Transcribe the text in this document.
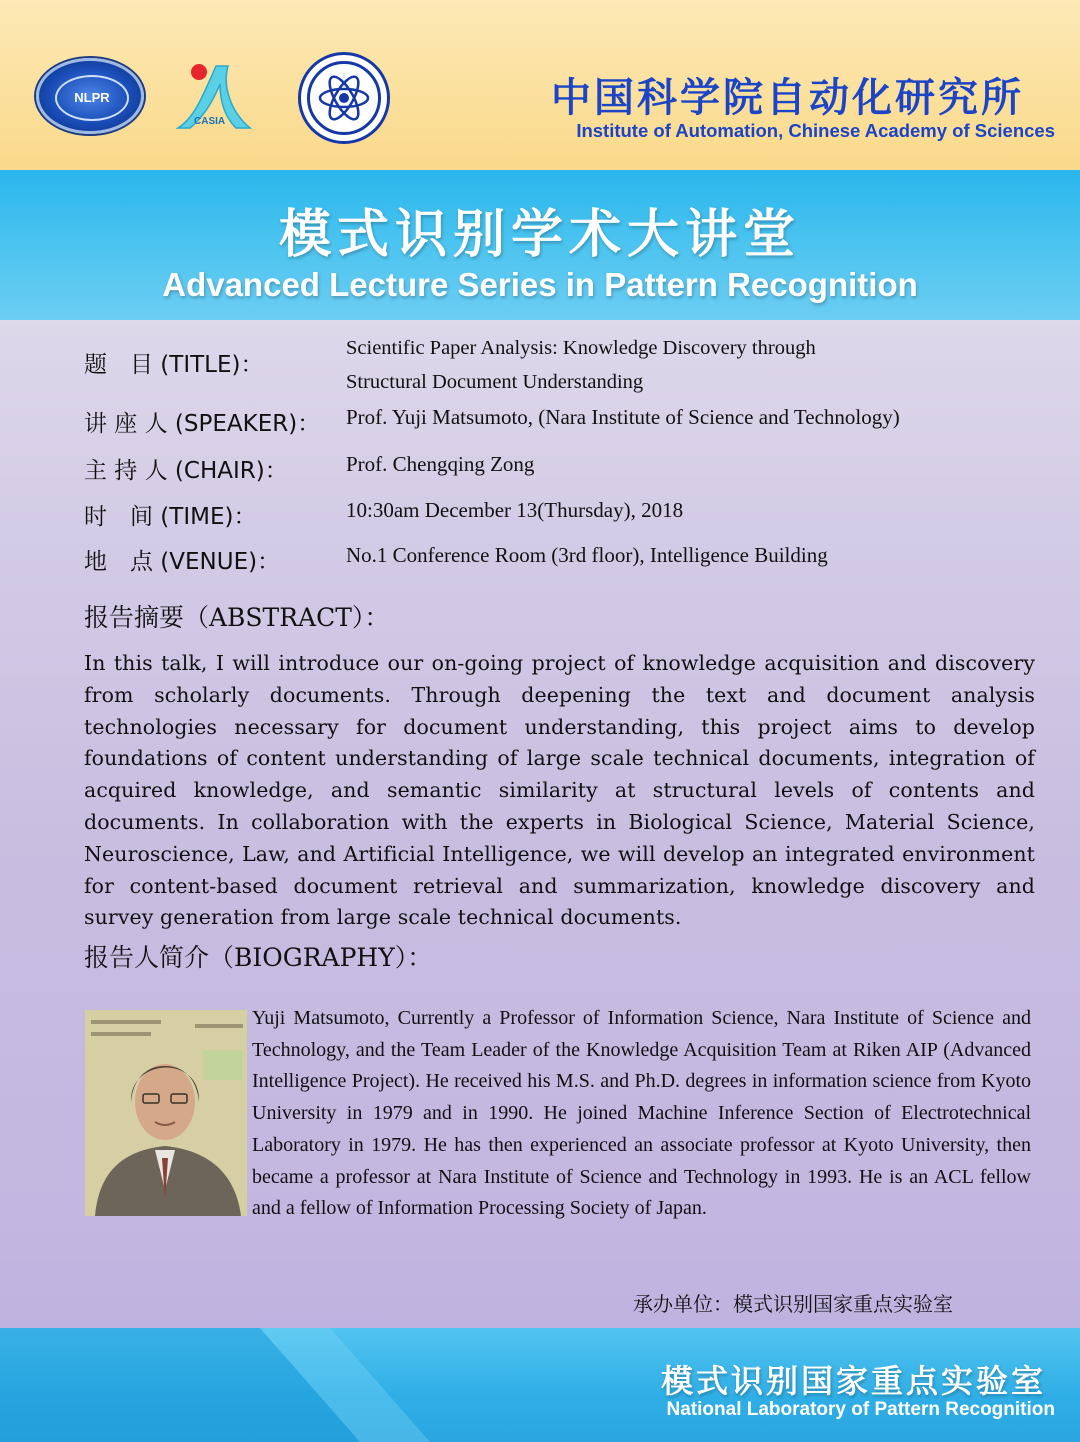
NLPR
CASIA
中国科学院自动化研究所
Institute of Automation, Chinese Academy of Sciences
模式识别学术大讲堂
Advanced Lecture Series in Pattern Recognition
题　目 (TITLE)：
Scientific Paper Analysis: Knowledge Discovery through
Structural Document Understanding
讲 座 人 (SPEAKER)： Prof. Yuji Matsumoto, (Nara Institute of Science and Technology)
主 持 人 (CHAIR)：	Prof. Chengqing Zong
时　间 (TIME)：	10:30am December 13(Thursday), 2018
地　点 (VENUE)：	No.1 Conference Room (3rd floor), Intelligence Building
报告摘要（ABSTRACT）：
In this talk, I will introduce our on-going project of knowledge acquisition and discovery from scholarly documents. Through deepening the text and document analysis technologies necessary for document understanding, this project aims to develop foundations of content understanding of large scale technical documents, integration of acquired knowledge, and semantic similarity at structural levels of contents and documents. In collaboration with the experts in Biological Science, Material Science, Neuroscience, Law, and Artificial Intelligence, we will develop an integrated environment for content-based document retrieval and summarization, knowledge discovery and survey generation from large scale technical documents.
报告人简介（BIOGRAPHY）：
Yuji Matsumoto, Currently a Professor of Information Science, Nara Institute of Science and Technology, and the Team Leader of the Knowledge Acquisition Team at Riken AIP (Advanced Intelligence Project). He received his M.S. and Ph.D. degrees in information science from Kyoto University in 1979 and in 1990. He joined Machine Inference Section of Electrotechnical Laboratory in 1979. He has then experienced an associate professor at Kyoto University, then became a professor at Nara Institute of Science and Technology in 1993. He is an ACL fellow and a fellow of Information Processing Society of Japan.
承办单位：模式识别国家重点实验室
模式识别国家重点实验室
National Laboratory of Pattern Recognition
